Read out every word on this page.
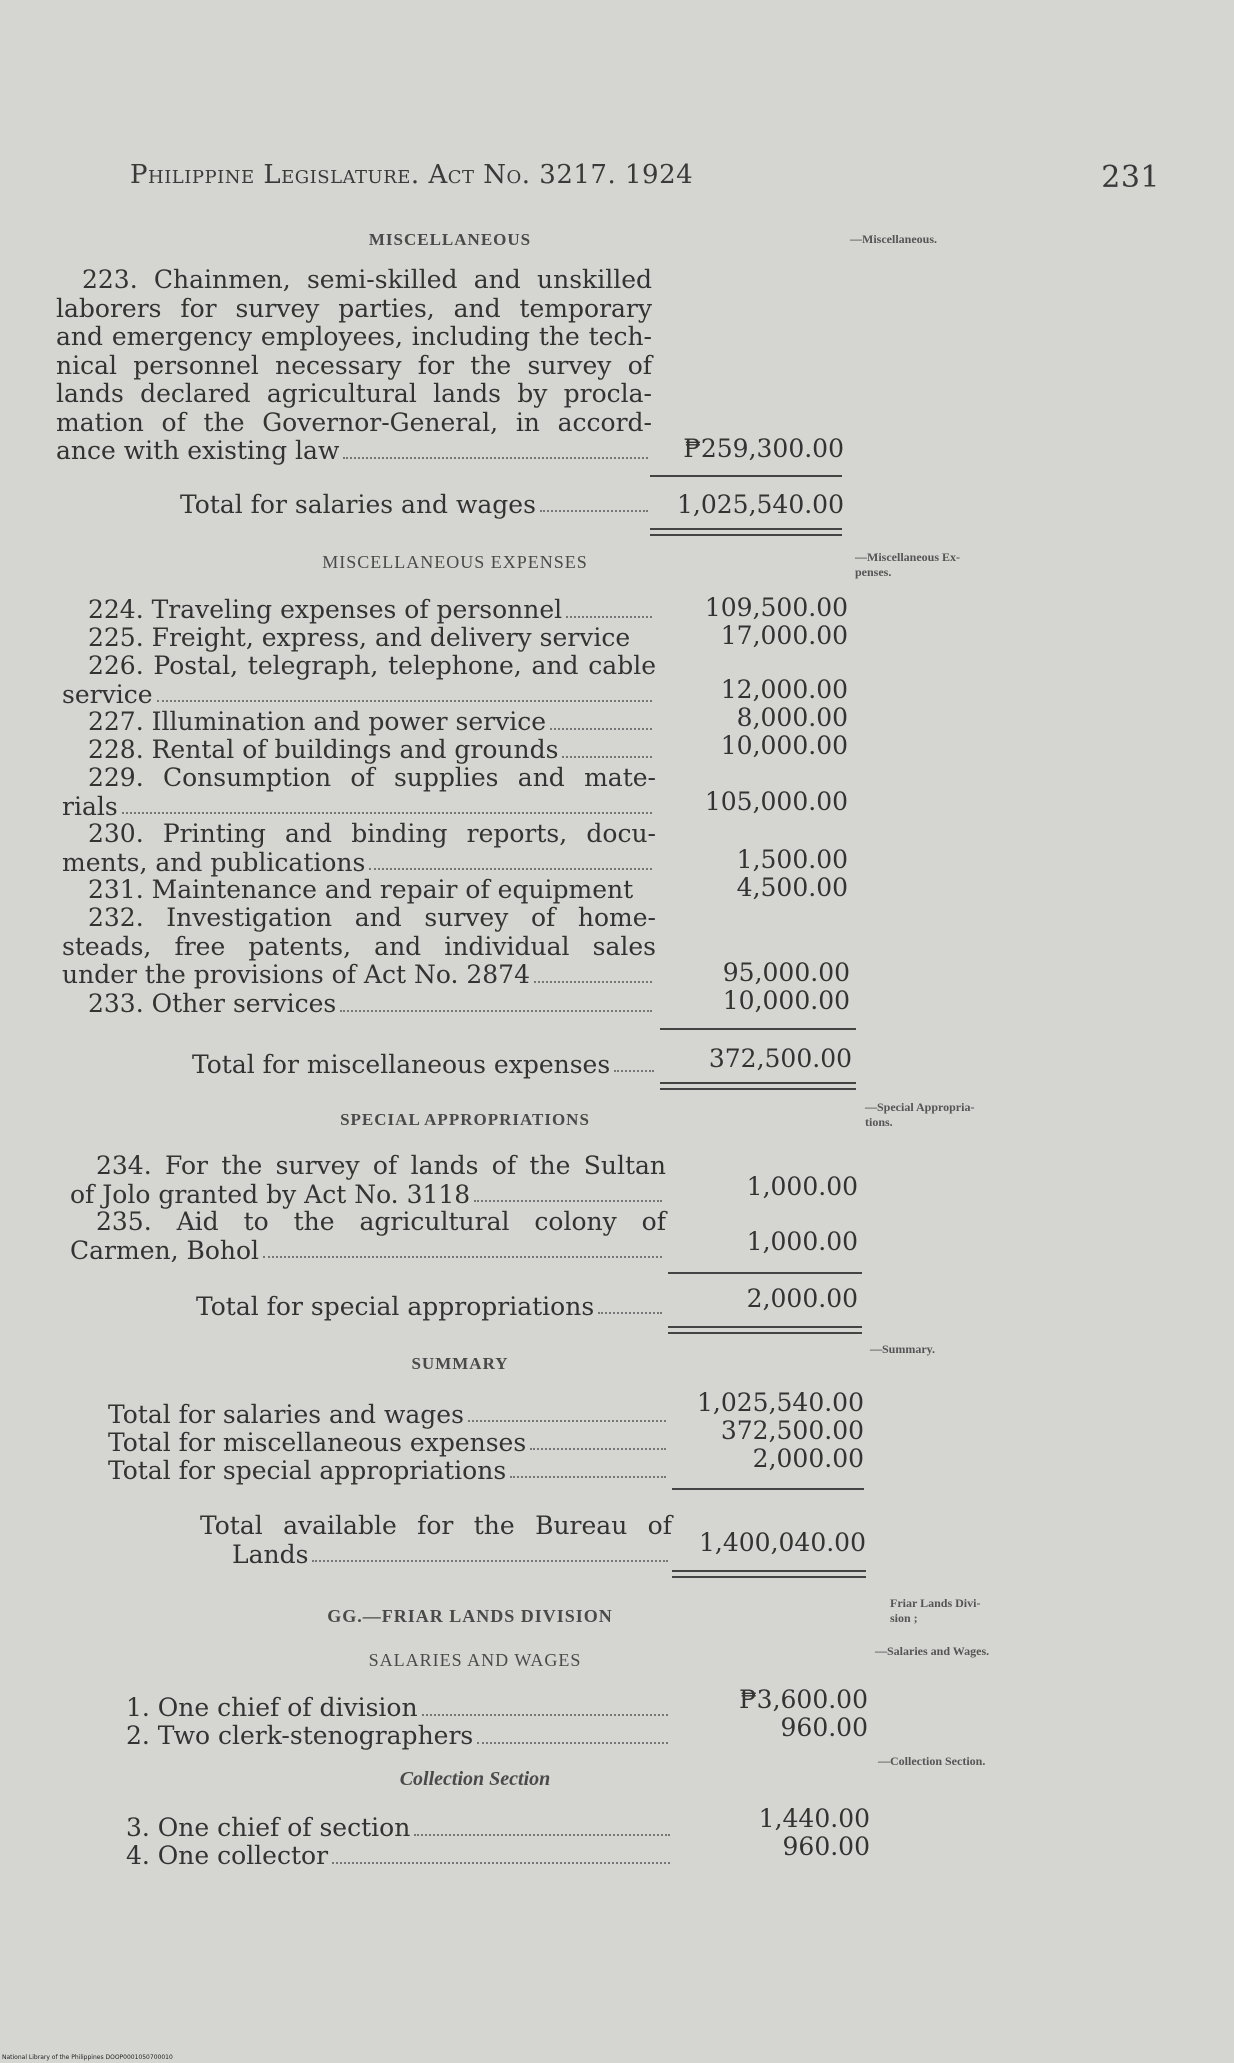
Philippine Legislature. Act No. 3217. 1924	231
MISCELLANEOUS	—Miscellaneous.
223. Chainmen, semi-skilled and unskilled
laborers for survey parties, and temporary
and emergency employees, including the tech-
nical personnel necessary for the survey of
lands declared agricultural lands by procla-
mation of the Governor-General, in accord-
ance with existing law	₱259,300.00
Total for salaries and wages	1,025,540.00
MISCELLANEOUS EXPENSES	—Miscellaneous Ex-
penses.
224. Traveling expenses of personnel	109,500.00
225. Freight, express, and delivery service	17,000.00
226. Postal, telegraph, telephone, and cable
service	12,000.00
227. Illumination and power service	8,000.00
228. Rental of buildings and grounds	10,000.00
229. Consumption of supplies and mate-
rials	105,000.00
230. Printing and binding reports, docu-
ments, and publications	1,500.00
231. Maintenance and repair of equipment	4,500.00
232. Investigation and survey of home-
steads, free patents, and individual sales
under the provisions of Act No. 2874	95,000.00
233. Other services	10,000.00
Total for miscellaneous expenses	372,500.00
SPECIAL APPROPRIATIONS
—Special Appropria-
tions.
234. For the survey of lands of the Sultan
of Jolo granted by Act No. 3118	1,000.00
235. Aid to the agricultural colony of
Carmen, Bohol	1,000.00
Total for special appropriations	2,000.00
SUMMARY
—Summary.
Total for salaries and wages	1,025,540.00
Total for miscellaneous expenses	372,500.00
Total for special appropriations	2,000.00
Total available for the Bureau of
Lands	1,400,040.00
GG.—FRIAR LANDS DIVISION
Friar Lands Divi-
sion ;
SALARIES AND WAGES	—Salaries and Wages.
1. One chief of division	₱3,600.00
2. Two clerk-stenographers	960.00
Collection Section
—Collection Section.
3. One chief of section	1,440.00
4. One collector	960.00
National Library of the Philippines DOOP0001050700010
